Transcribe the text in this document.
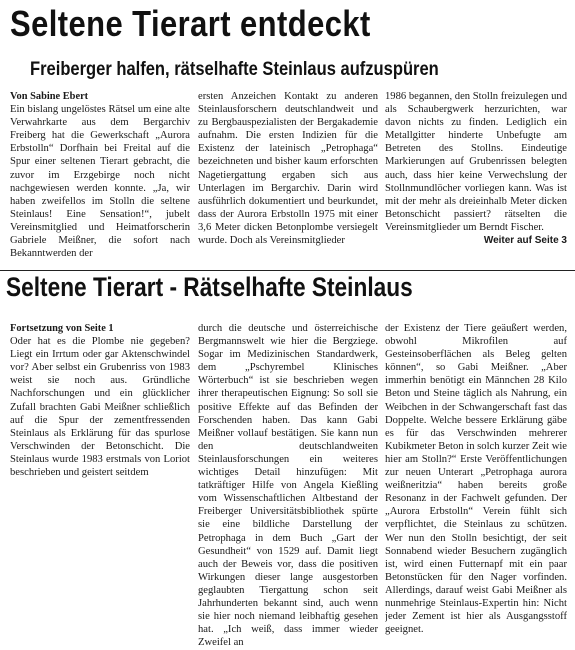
Seltene Tierart entdeckt
Freiberger halfen, rätselhafte Steinlaus aufzuspüren

Von Sabine Ebert

Ein bislang ungelöstes Rätsel um eine alte Verwahrkarte aus dem Bergarchiv Freiberg hat die Gewerkschaft „Aurora Erbstolln“ Dorfhain bei Freital auf die Spur einer seltenen Tierart gebracht, die zuvor im Erzgebirge noch nicht nachgewiesen werden konnte. „Ja, wir haben zweifellos im Stolln die seltene Steinlaus! Eine Sensation!“, jubelt Vereinsmitglied und Heimatforscherin Gabriele Meißner, die sofort nach Bekanntwerden der

ersten Anzeichen Kontakt zu anderen Steinlausforschern deutschlandweit und zu Bergbauspezialisten der Bergakademie aufnahm. Die ersten Indizien für die Existenz der lateinisch „Petrophaga“ bezeichneten und bisher kaum erforschten Nagetiergattung ergaben sich aus Unterlagen im Bergarchiv. Darin wird ausführlich dokumentiert und beurkundet, dass der Aurora Erbstolln 1975 mit einer 3,6 Meter dicken Betonplombe versiegelt wurde. Doch als Vereinsmitglieder

1986 begannen, den Stolln freizulegen und als Schaubergwerk herzurichten, war davon nichts zu finden. Lediglich ein Metallgitter hinderte Unbefugte am Betreten des Stollns. Eindeutige Markierungen auf Grubenrissen belegten auch, dass hier keine Verwechslung der Stollnmundlöcher vorliegen kann. Was ist mit der mehr als dreieinhalb Meter dicken Betonschicht passiert? rätselten die Vereinsmitglieder um Berndt Fischer.

Weiter auf Seite 3

Seltene Tierart - Rätselhafte Steinlaus

Fortsetzung von Seite 1

Oder hat es die Plombe nie gegeben? Liegt ein Irrtum oder gar Aktenschwindel vor? Aber selbst ein Grubenriss von 1983 weist sie noch aus. Gründliche Nachforschungen und ein glücklicher Zufall brachten Gabi Meißner schließlich auf die Spur der zementfressenden Steinlaus als Erklärung für das spurlose Verschwinden der Betonschicht. Die Steinlaus wurde 1983 erstmals von Loriot beschrieben und geistert seitdem

durch die deutsche und österreichische Bergmannswelt wie hier die Bergziege. Sogar im Medizinischen Standardwerk, dem „Pschyrembel Klinisches Wörterbuch“ ist sie beschrieben wegen ihrer therapeutischen Eignung: So soll sie positive Effekte auf das Befinden der Forschenden haben. Das kann Gabi Meißner vollauf bestätigen. Sie kann nun den deutschlandweiten Steinlausforschungen ein weiteres wichtiges Detail hinzufügen: Mit tatkräftiger Hilfe von Angela Kießling vom Wissenschaftlichen Altbestand der Freiberger Universitätsbibliothek spürte sie eine bildliche Darstellung der Petrophaga in dem Buch „Gart der Gesundheit“ von 1529 auf. Damit liegt auch der Beweis vor, dass die positiven Wirkungen dieser lange ausgestorben geglaubten Tiergattung schon seit Jahrhunderten bekannt sind, auch wenn sie hier noch niemand leibhaftig gesehen hat. „Ich weiß, dass immer wieder Zweifel an

der Existenz der Tiere geäußert werden, obwohl Mikrofilen auf Gesteinsoberflächen als Beleg gelten können“, so Gabi Meißner. „Aber immerhin benötigt ein Männchen 28 Kilo Beton und Steine täglich als Nahrung, ein Weibchen in der Schwangerschaft fast das Doppelte. Welche bessere Erklärung gäbe es für das Verschwinden mehrerer Kubikmeter Beton in solch kurzer Zeit wie hier am Stolln?“ Erste Veröffentlichungen zur neuen Unterart „Petrophaga aurora weißneritzia“ haben bereits große Resonanz in der Fachwelt gefunden. Der „Aurora Erbstolln“ Verein fühlt sich verpflichtet, die Steinlaus zu schützen. Wer nun den Stolln besichtigt, der seit Sonnabend wieder Besuchern zugänglich ist, wird einen Futternapf mit ein paar Betonstücken für den Nager vorfinden. Allerdings, darauf weist Gabi Meißner als nunmehrige Steinlaus-Expertin hin: Nicht jeder Zement ist hier als Ausgangsstoff geeignet.
